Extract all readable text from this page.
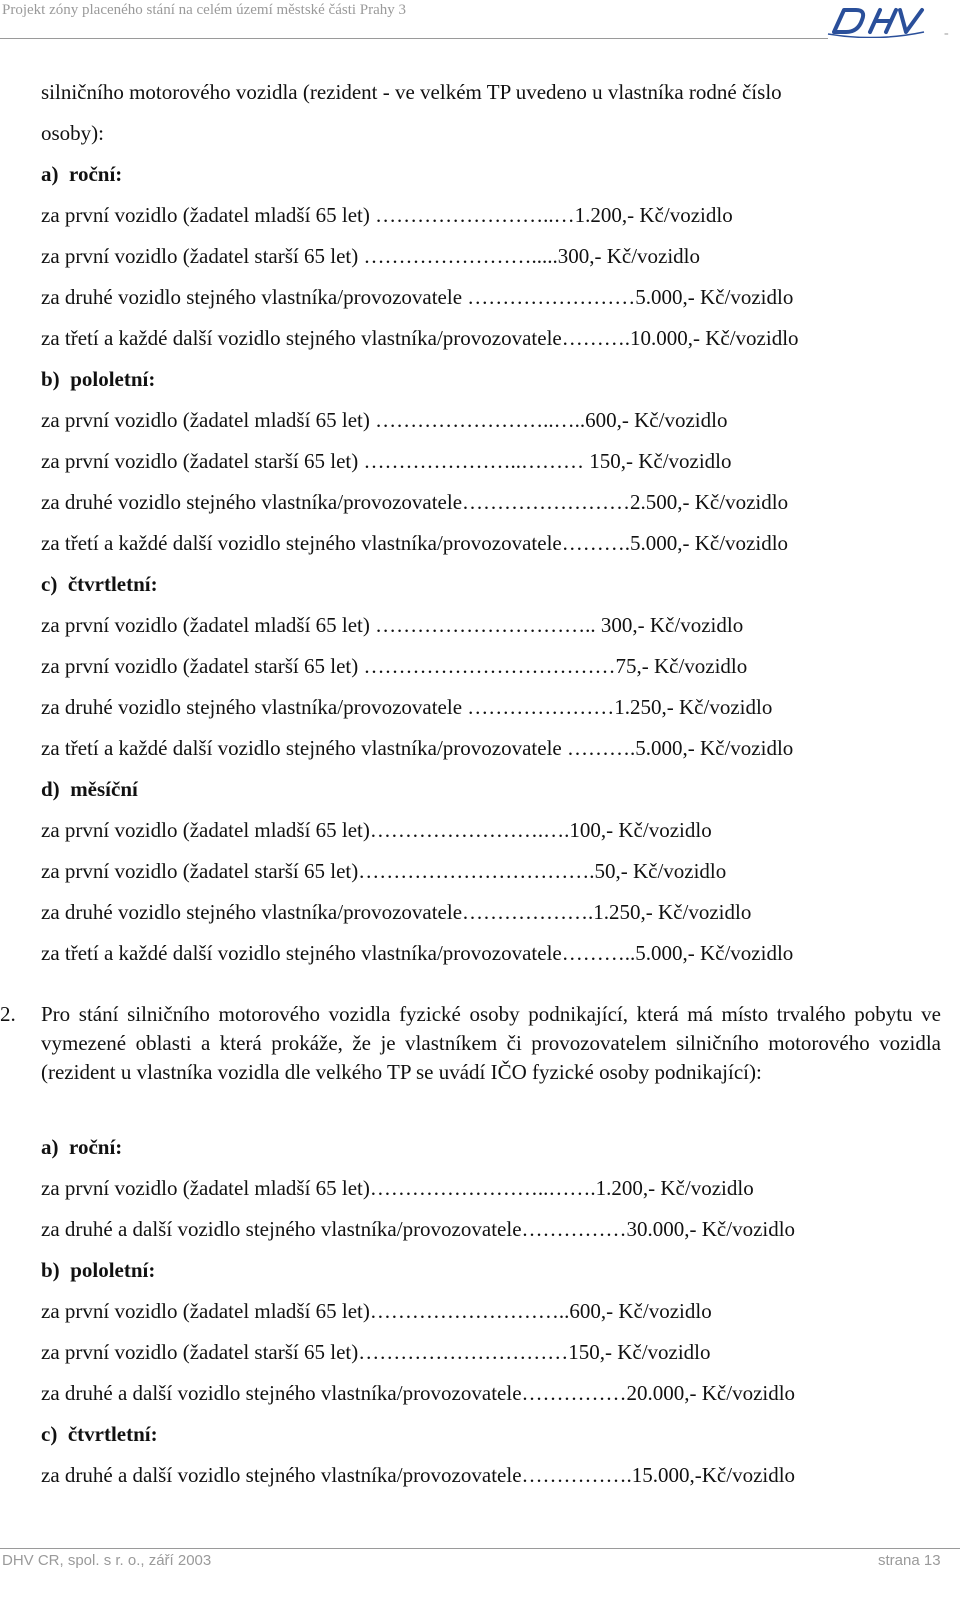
Projekt zóny placeného stání na celém území městské části Prahy 3
-
silničního motorového vozidla (rezident - ve velkém TP uvedeno u vlastníka rodné číslo
osoby):
a) roční:
za první vozidlo (žadatel mladší 65 let) ……………………..…1.200,- Kč/vozidlo
za první vozidlo (žadatel starší 65 let) …………………….....300,- Kč/vozidlo
za druhé vozidlo stejného vlastníka/provozovatele ……………………5.000,- Kč/vozidlo
za třetí a každé další vozidlo stejného vlastníka/provozovatele……….10.000,- Kč/vozidlo
b) pololetní:
za první vozidlo (žadatel mladší 65 let) ……………………..…..600,- Kč/vozidlo
za první vozidlo (žadatel starší 65 let) …………………..……… 150,- Kč/vozidlo
za druhé vozidlo stejného vlastníka/provozovatele……………………2.500,- Kč/vozidlo
za třetí a každé další vozidlo stejného vlastníka/provozovatele……….5.000,- Kč/vozidlo
c) čtvrtletní:
za první vozidlo (žadatel mladší 65 let) ………………………….. 300,- Kč/vozidlo
za první vozidlo (žadatel starší 65 let) ………………………………75,- Kč/vozidlo
za druhé vozidlo stejného vlastníka/provozovatele …………………1.250,- Kč/vozidlo
za třetí a každé další vozidlo stejného vlastníka/provozovatele ……….5.000,- Kč/vozidlo
d) měsíční
za první vozidlo (žadatel mladší 65 let)…………………….….100,- Kč/vozidlo
za první vozidlo (žadatel starší 65 let)…………………………….50,- Kč/vozidlo
za druhé vozidlo stejného vlastníka/provozovatele……………….1.250,- Kč/vozidlo
za třetí a každé další vozidlo stejného vlastníka/provozovatele………..5.000,- Kč/vozidlo
2. Pro stání silničního motorového vozidla fyzické osoby podnikající, která má místo trvalého pobytu ve vymezené oblasti a která prokáže, že je vlastníkem či provozovatelem silničního motorového vozidla (rezident u vlastníka vozidla dle velkého TP se uvádí IČO fyzické osoby podnikající):
a) roční:
za první vozidlo (žadatel mladší 65 let)……………………..…….1.200,- Kč/vozidlo
za druhé a další vozidlo stejného vlastníka/provozovatele……………30.000,- Kč/vozidlo
b) pololetní:
za první vozidlo (žadatel mladší 65 let)………………………..600,- Kč/vozidlo
za první vozidlo (žadatel starší 65 let)…………………………150,- Kč/vozidlo
za druhé a další vozidlo stejného vlastníka/provozovatele……………20.000,- Kč/vozidlo
c) čtvrtletní:
za druhé a další vozidlo stejného vlastníka/provozovatele…………….15.000,-Kč/vozidlo
DHV CR, spol. s r. o., září 2003	strana 13
